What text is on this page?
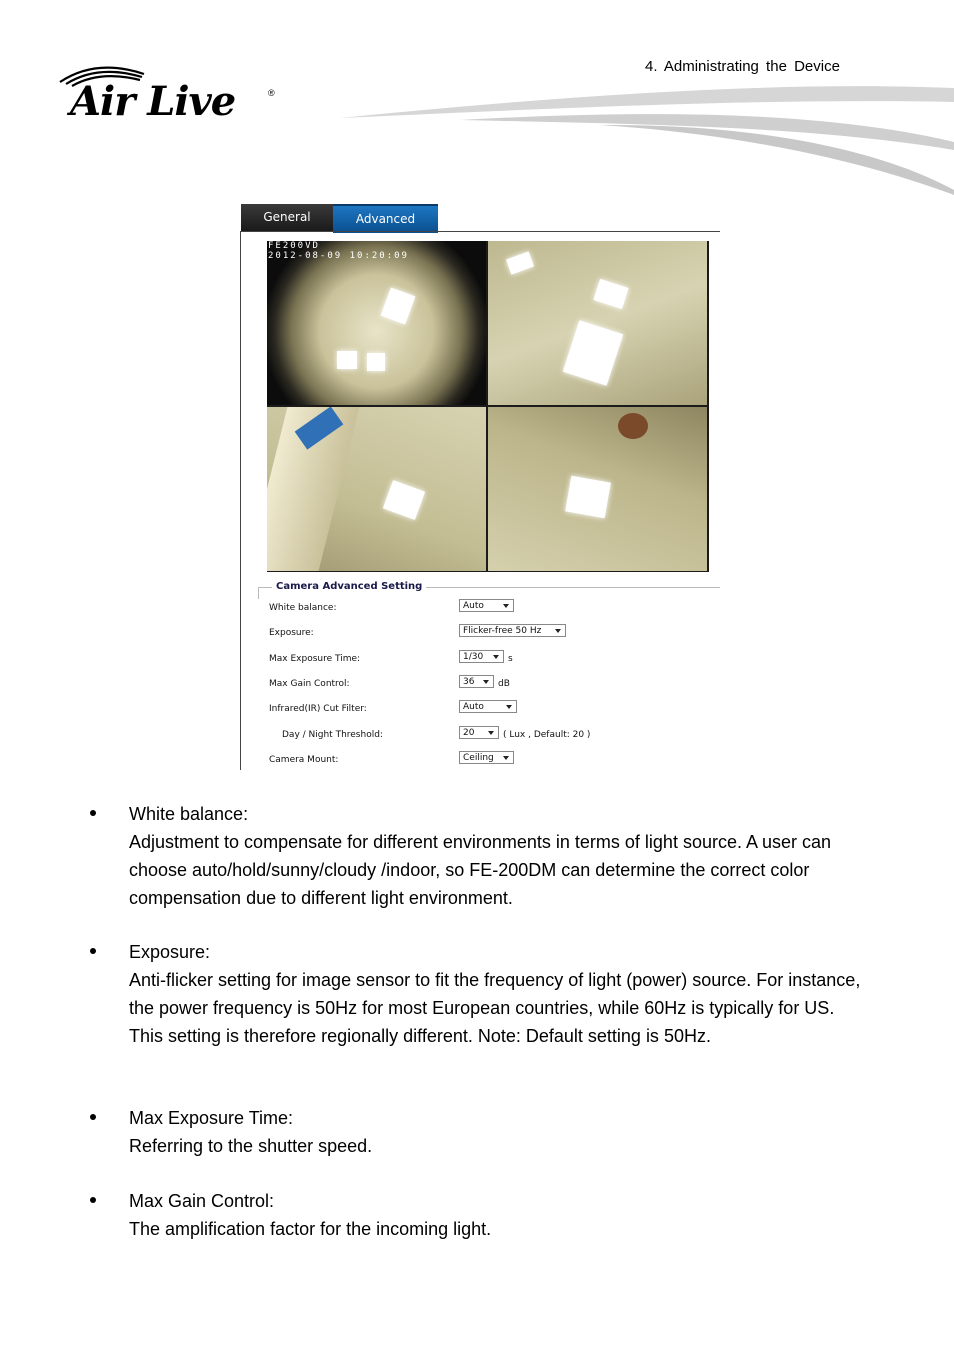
4. Administrating the Device
Air Live	®
General	Advanced
FE200VD
2012-08-09 10:20:09
Camera Advanced Setting
White balance:	Auto
Exposure:	Flicker-free 50 Hz
Max Exposure Time:	1/30	s
Max Gain Control:	36	dB
Infrared(IR) Cut Filter:	Auto
Day / Night Threshold:	20	( Lux , Default: 20 )
Camera Mount:	Ceiling
White balance:
Adjustment to compensate for different environments in terms of light source. A user can choose auto/hold/sunny/cloudy /indoor, so FE-200DM can determine the correct color compensation due to different light environment.
Exposure:
Anti-flicker setting for image sensor to fit the frequency of light (power) source. For instance, the power frequency is 50Hz for most European countries, while 60Hz is typically for US. This setting is therefore regionally different. Note: Default setting is 50Hz.
Max Exposure Time:
Referring to the shutter speed.
Max Gain Control:
The amplification factor for the incoming light.
